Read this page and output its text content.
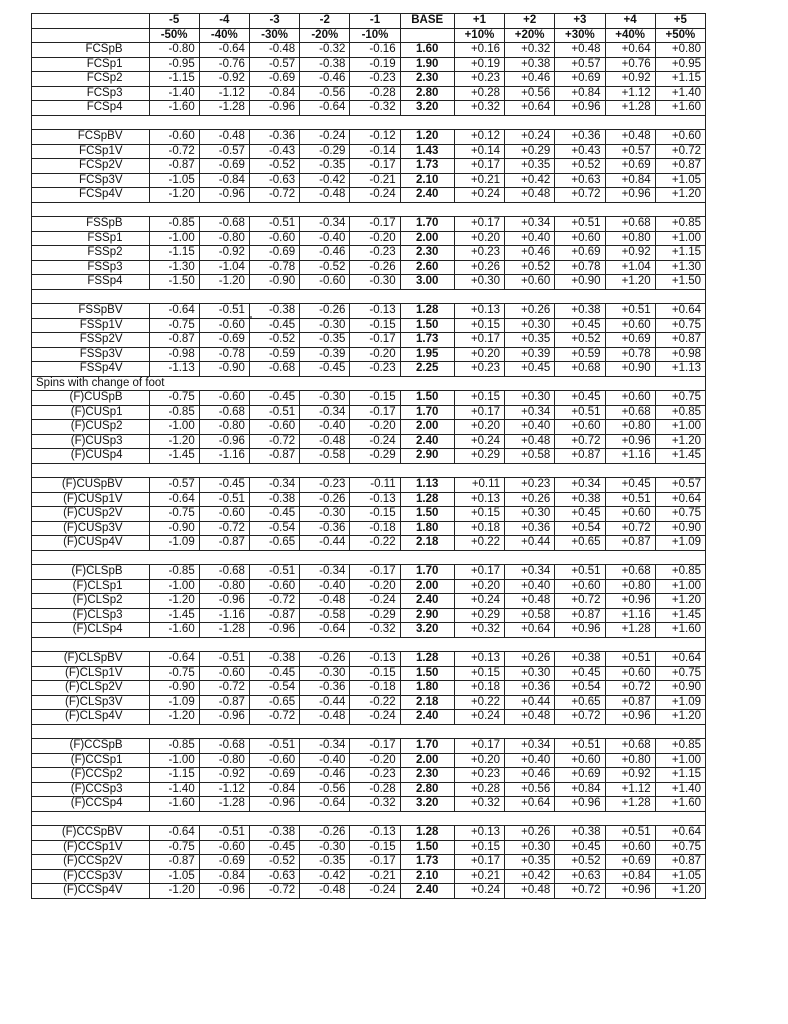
	-5	-4	-3	-2	-1	BASE	+1	+2	+3	+4	+5
	-50%	-40%	-30%	-20%	-10%		+10%	+20%	+30%	+40%	+50%
FCSpB	-0.80	-0.64	-0.48	-0.32	-0.16	1.60	+0.16	+0.32	+0.48	+0.64	+0.80
FCSp1	-0.95	-0.76	-0.57	-0.38	-0.19	1.90	+0.19	+0.38	+0.57	+0.76	+0.95
FCSp2	-1.15	-0.92	-0.69	-0.46	-0.23	2.30	+0.23	+0.46	+0.69	+0.92	+1.15
FCSp3	-1.40	-1.12	-0.84	-0.56	-0.28	2.80	+0.28	+0.56	+0.84	+1.12	+1.40
FCSp4	-1.60	-1.28	-0.96	-0.64	-0.32	3.20	+0.32	+0.64	+0.96	+1.28	+1.60

FCSpBV	-0.60	-0.48	-0.36	-0.24	-0.12	1.20	+0.12	+0.24	+0.36	+0.48	+0.60
FCSp1V	-0.72	-0.57	-0.43	-0.29	-0.14	1.43	+0.14	+0.29	+0.43	+0.57	+0.72
FCSp2V	-0.87	-0.69	-0.52	-0.35	-0.17	1.73	+0.17	+0.35	+0.52	+0.69	+0.87
FCSp3V	-1.05	-0.84	-0.63	-0.42	-0.21	2.10	+0.21	+0.42	+0.63	+0.84	+1.05
FCSp4V	-1.20	-0.96	-0.72	-0.48	-0.24	2.40	+0.24	+0.48	+0.72	+0.96	+1.20

FSSpB	-0.85	-0.68	-0.51	-0.34	-0.17	1.70	+0.17	+0.34	+0.51	+0.68	+0.85
FSSp1	-1.00	-0.80	-0.60	-0.40	-0.20	2.00	+0.20	+0.40	+0.60	+0.80	+1.00
FSSp2	-1.15	-0.92	-0.69	-0.46	-0.23	2.30	+0.23	+0.46	+0.69	+0.92	+1.15
FSSp3	-1.30	-1.04	-0.78	-0.52	-0.26	2.60	+0.26	+0.52	+0.78	+1.04	+1.30
FSSp4	-1.50	-1.20	-0.90	-0.60	-0.30	3.00	+0.30	+0.60	+0.90	+1.20	+1.50

FSSpBV	-0.64	-0.51	-0.38	-0.26	-0.13	1.28	+0.13	+0.26	+0.38	+0.51	+0.64
FSSp1V	-0.75	-0.60	-0.45	-0.30	-0.15	1.50	+0.15	+0.30	+0.45	+0.60	+0.75
FSSp2V	-0.87	-0.69	-0.52	-0.35	-0.17	1.73	+0.17	+0.35	+0.52	+0.69	+0.87
FSSp3V	-0.98	-0.78	-0.59	-0.39	-0.20	1.95	+0.20	+0.39	+0.59	+0.78	+0.98
FSSp4V	-1.13	-0.90	-0.68	-0.45	-0.23	2.25	+0.23	+0.45	+0.68	+0.90	+1.13
Spins with change of foot											
(F)CUSpB	-0.75	-0.60	-0.45	-0.30	-0.15	1.50	+0.15	+0.30	+0.45	+0.60	+0.75
(F)CUSp1	-0.85	-0.68	-0.51	-0.34	-0.17	1.70	+0.17	+0.34	+0.51	+0.68	+0.85
(F)CUSp2	-1.00	-0.80	-0.60	-0.40	-0.20	2.00	+0.20	+0.40	+0.60	+0.80	+1.00
(F)CUSp3	-1.20	-0.96	-0.72	-0.48	-0.24	2.40	+0.24	+0.48	+0.72	+0.96	+1.20
(F)CUSp4	-1.45	-1.16	-0.87	-0.58	-0.29	2.90	+0.29	+0.58	+0.87	+1.16	+1.45

(F)CUSpBV	-0.57	-0.45	-0.34	-0.23	-0.11	1.13	+0.11	+0.23	+0.34	+0.45	+0.57
(F)CUSp1V	-0.64	-0.51	-0.38	-0.26	-0.13	1.28	+0.13	+0.26	+0.38	+0.51	+0.64
(F)CUSp2V	-0.75	-0.60	-0.45	-0.30	-0.15	1.50	+0.15	+0.30	+0.45	+0.60	+0.75
(F)CUSp3V	-0.90	-0.72	-0.54	-0.36	-0.18	1.80	+0.18	+0.36	+0.54	+0.72	+0.90
(F)CUSp4V	-1.09	-0.87	-0.65	-0.44	-0.22	2.18	+0.22	+0.44	+0.65	+0.87	+1.09

(F)CLSpB	-0.85	-0.68	-0.51	-0.34	-0.17	1.70	+0.17	+0.34	+0.51	+0.68	+0.85
(F)CLSp1	-1.00	-0.80	-0.60	-0.40	-0.20	2.00	+0.20	+0.40	+0.60	+0.80	+1.00
(F)CLSp2	-1.20	-0.96	-0.72	-0.48	-0.24	2.40	+0.24	+0.48	+0.72	+0.96	+1.20
(F)CLSp3	-1.45	-1.16	-0.87	-0.58	-0.29	2.90	+0.29	+0.58	+0.87	+1.16	+1.45
(F)CLSp4	-1.60	-1.28	-0.96	-0.64	-0.32	3.20	+0.32	+0.64	+0.96	+1.28	+1.60

(F)CLSpBV	-0.64	-0.51	-0.38	-0.26	-0.13	1.28	+0.13	+0.26	+0.38	+0.51	+0.64
(F)CLSp1V	-0.75	-0.60	-0.45	-0.30	-0.15	1.50	+0.15	+0.30	+0.45	+0.60	+0.75
(F)CLSp2V	-0.90	-0.72	-0.54	-0.36	-0.18	1.80	+0.18	+0.36	+0.54	+0.72	+0.90
(F)CLSp3V	-1.09	-0.87	-0.65	-0.44	-0.22	2.18	+0.22	+0.44	+0.65	+0.87	+1.09
(F)CLSp4V	-1.20	-0.96	-0.72	-0.48	-0.24	2.40	+0.24	+0.48	+0.72	+0.96	+1.20

(F)CCSpB	-0.85	-0.68	-0.51	-0.34	-0.17	1.70	+0.17	+0.34	+0.51	+0.68	+0.85
(F)CCSp1	-1.00	-0.80	-0.60	-0.40	-0.20	2.00	+0.20	+0.40	+0.60	+0.80	+1.00
(F)CCSp2	-1.15	-0.92	-0.69	-0.46	-0.23	2.30	+0.23	+0.46	+0.69	+0.92	+1.15
(F)CCSp3	-1.40	-1.12	-0.84	-0.56	-0.28	2.80	+0.28	+0.56	+0.84	+1.12	+1.40
(F)CCSp4	-1.60	-1.28	-0.96	-0.64	-0.32	3.20	+0.32	+0.64	+0.96	+1.28	+1.60

(F)CCSpBV	-0.64	-0.51	-0.38	-0.26	-0.13	1.28	+0.13	+0.26	+0.38	+0.51	+0.64
(F)CCSp1V	-0.75	-0.60	-0.45	-0.30	-0.15	1.50	+0.15	+0.30	+0.45	+0.60	+0.75
(F)CCSp2V	-0.87	-0.69	-0.52	-0.35	-0.17	1.73	+0.17	+0.35	+0.52	+0.69	+0.87
(F)CCSp3V	-1.05	-0.84	-0.63	-0.42	-0.21	2.10	+0.21	+0.42	+0.63	+0.84	+1.05
(F)CCSp4V	-1.20	-0.96	-0.72	-0.48	-0.24	2.40	+0.24	+0.48	+0.72	+0.96	+1.20
